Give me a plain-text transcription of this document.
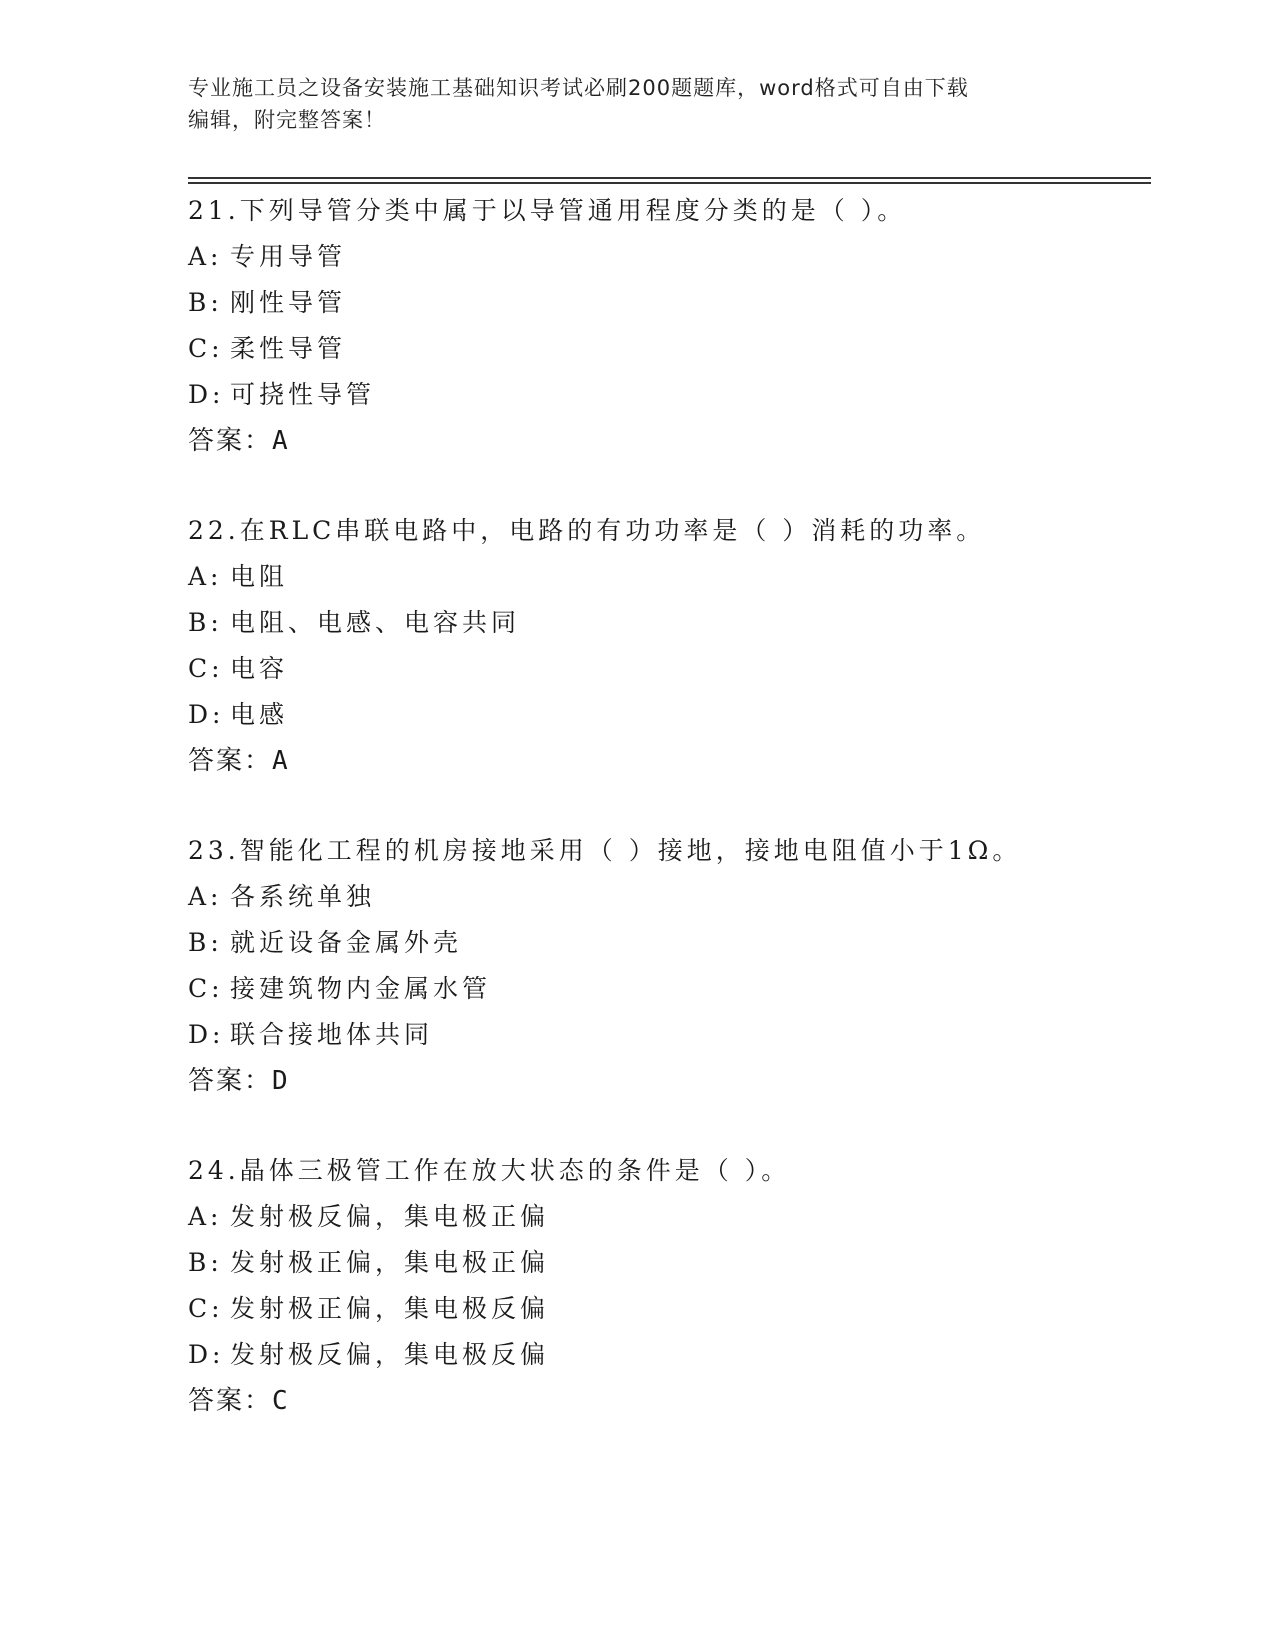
专业施工员之设备安装施工基础知识考试必刷200题题库，word格式可自由下载
编辑，附完整答案！
21.下列导管分类中属于以导管通用程度分类的是（ ）。
A: 专用导管
B: 刚性导管
C: 柔性导管
D: 可挠性导管
答案：A
22.在RLC串联电路中，电路的有功功率是（ ）消耗的功率。
A: 电阻
B: 电阻、电感、电容共同
C: 电容
D: 电感
答案：A
23.智能化工程的机房接地采用（ ）接地，接地电阻值小于1Ω。
A: 各系统单独
B: 就近设备金属外壳
C: 接建筑物内金属水管
D: 联合接地体共同
答案：D
24.晶体三极管工作在放大状态的条件是（ ）。
A: 发射极反偏，集电极正偏
B: 发射极正偏，集电极正偏
C: 发射极正偏，集电极反偏
D: 发射极反偏，集电极反偏
答案：C
